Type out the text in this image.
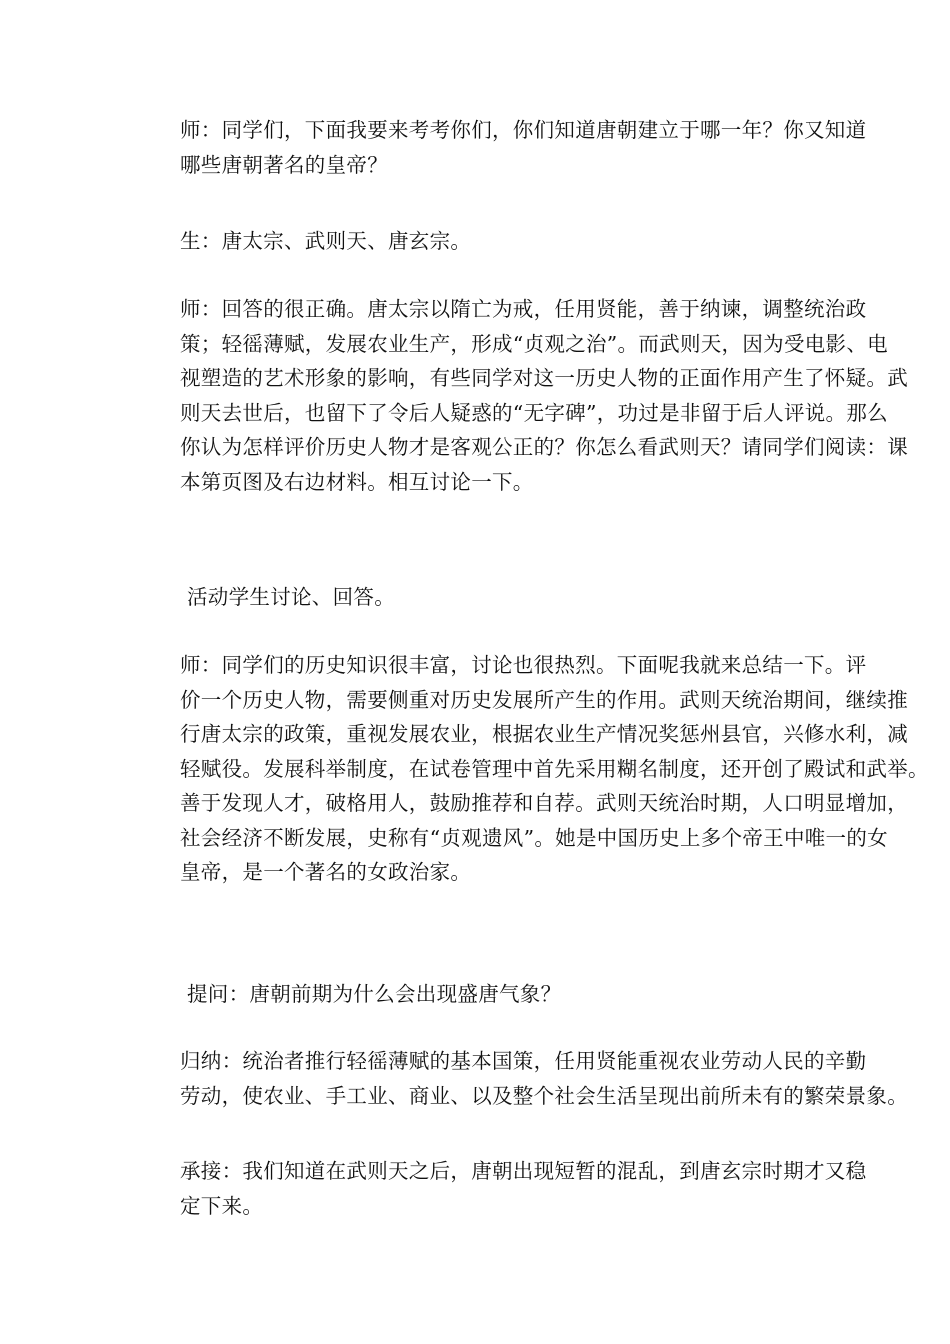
师：同学们，下面我要来考考你们，你们知道唐朝建立于哪一年？你又知道
哪些唐朝著名的皇帝？
生：唐太宗、武则天、唐玄宗。
师：回答的很正确。唐太宗以隋亡为戒，任用贤能，善于纳谏，调整统治政
策；轻徭薄赋，发展农业生产，形成“贞观之治”。而武则天，因为受电影、电
视塑造的艺术形象的影响，有些同学对这一历史人物的正面作用产生了怀疑。武
则天去世后，也留下了令后人疑惑的“无字碑”，功过是非留于后人评说。那么
你认为怎样评价历史人物才是客观公正的？你怎么看武则天？请同学们阅读：课
本第页图及右边材料。相互讨论一下。
活动学生讨论、回答。
师：同学们的历史知识很丰富，讨论也很热烈。下面呢我就来总结一下。评
价一个历史人物，需要侧重对历史发展所产生的作用。武则天统治期间，继续推
行唐太宗的政策，重视发展农业，根据农业生产情况奖惩州县官，兴修水利，减
轻赋役。发展科举制度，在试卷管理中首先采用糊名制度，还开创了殿试和武举。
善于发现人才，破格用人，鼓励推荐和自荐。武则天统治时期，人口明显增加，
社会经济不断发展，史称有“贞观遗风”。她是中国历史上多个帝王中唯一的女
皇帝，是一个著名的女政治家。
提问：唐朝前期为什么会出现盛唐气象？
归纳：统治者推行轻徭薄赋的基本国策，任用贤能重视农业劳动人民的辛勤
劳动，使农业、手工业、商业、以及整个社会生活呈现出前所未有的繁荣景象。
承接：我们知道在武则天之后，唐朝出现短暂的混乱，到唐玄宗时期才又稳
定下来。
